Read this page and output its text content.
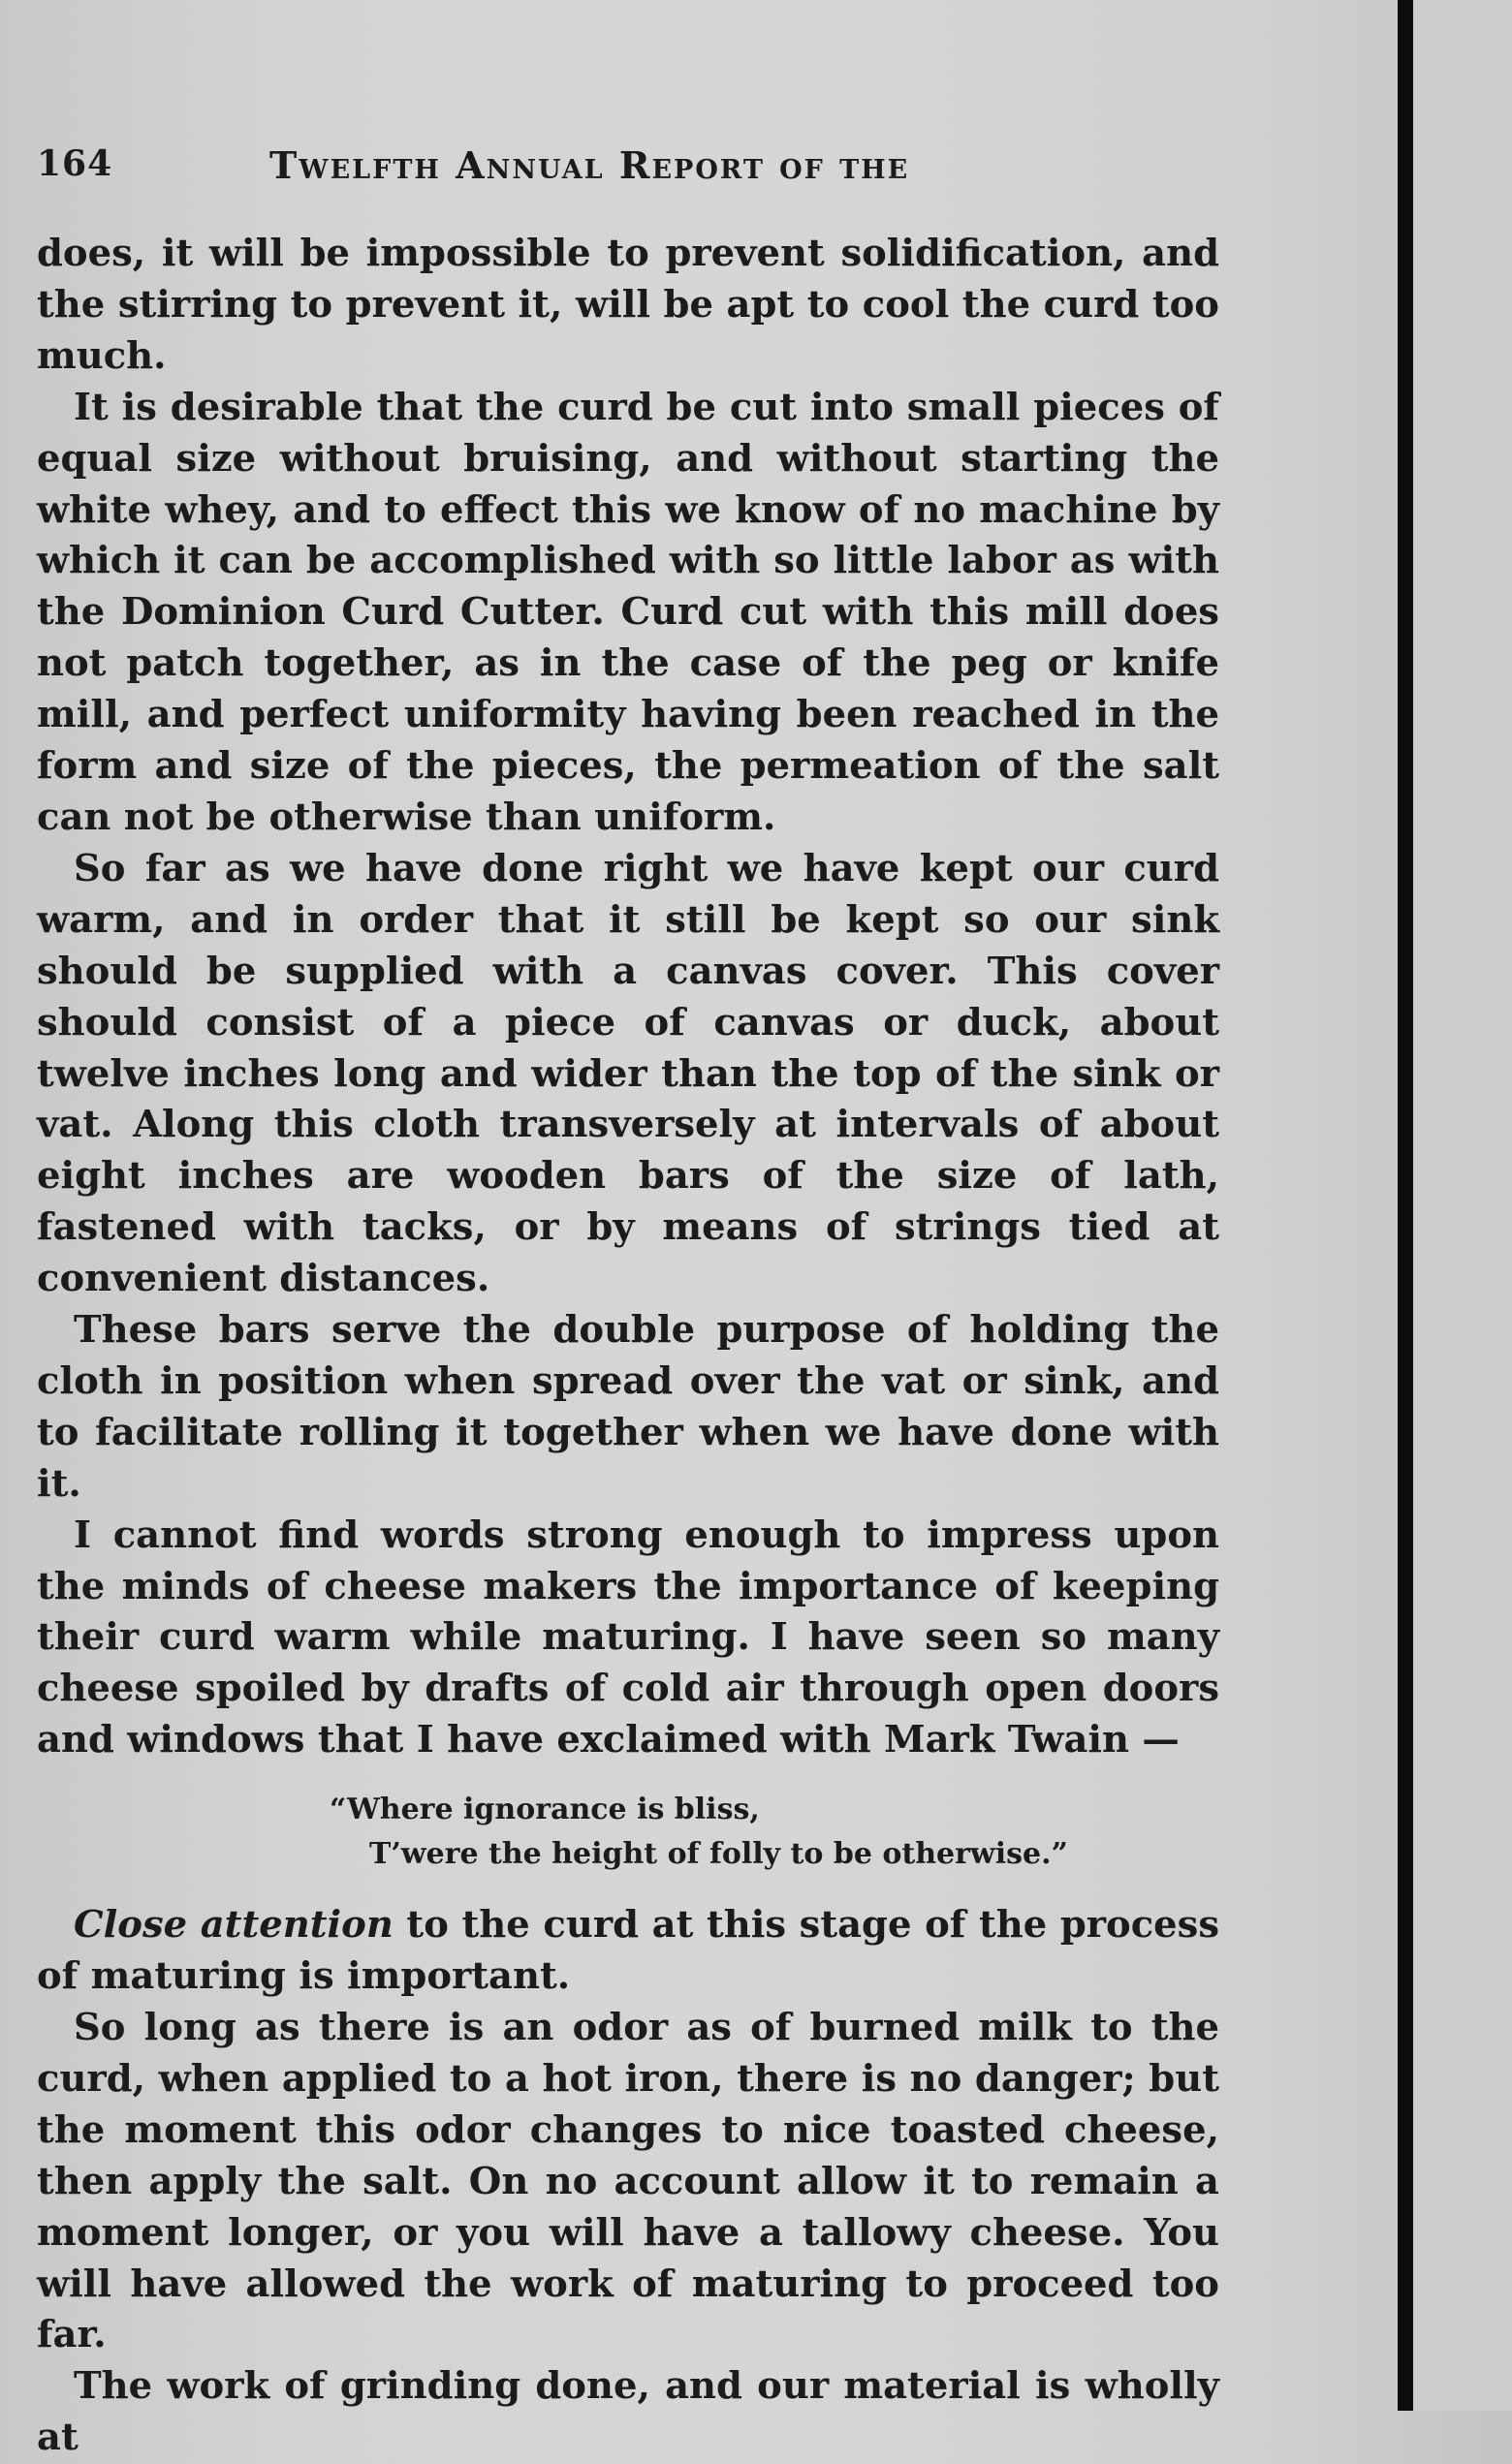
164	Twelfth Annual Report of the

does, it will be impossible to prevent solidification, and the stirring to prevent it, will be apt to cool the curd too much.

It is desirable that the curd be cut into small pieces of equal size without bruising, and without starting the white whey, and to effect this we know of no machine by which it can be accomplished with so little labor as with the Dominion Curd Cutter. Curd cut with this mill does not patch together, as in the case of the peg or knife mill, and perfect uniformity having been reached in the form and size of the pieces, the permeation of the salt can not be otherwise than uniform.

So far as we have done right we have kept our curd warm, and in order that it still be kept so our sink should be supplied with a canvas cover. This cover should consist of a piece of canvas or duck, about twelve inches long and wider than the top of the sink or vat. Along this cloth transversely at intervals of about eight inches are wooden bars of the size of lath, fastened with tacks, or by means of strings tied at convenient distances.

These bars serve the double purpose of holding the cloth in position when spread over the vat or sink, and to facilitate rolling it together when we have done with it.

I cannot find words strong enough to impress upon the minds of cheese makers the importance of keeping their curd warm while maturing. I have seen so many cheese spoiled by drafts of cold air through open doors and windows that I have exclaimed with Mark Twain —

“Where ignorance is bliss,
T’were the height of folly to be otherwise.”

Close attention to the curd at this stage of the process of maturing is important.

So long as there is an odor as of burned milk to the curd, when applied to a hot iron, there is no danger; but the moment this odor changes to nice toasted cheese, then apply the salt. On no account allow it to remain a moment longer, or you will have a tallowy cheese. You will have allowed the work of maturing to proceed too far.

The work of grinding done, and our material is wholly at
